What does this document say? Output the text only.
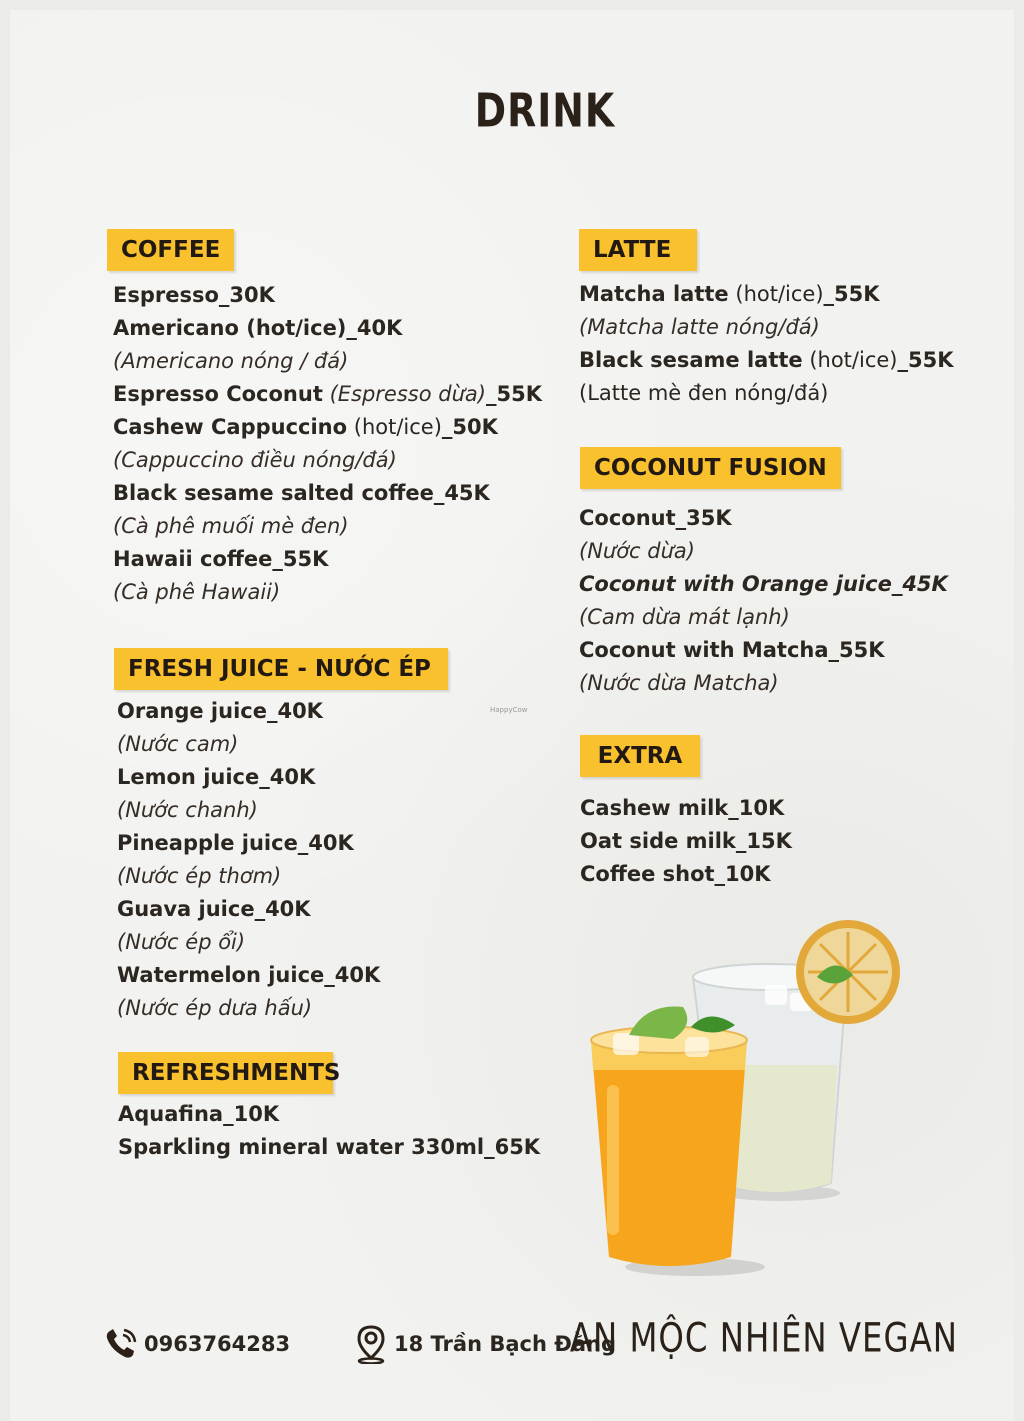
DRINK
COFFEE
Espresso_30K
Americano (hot/ice)_40K
(Americano nóng / đá)
Espresso Coconut (Espresso dừa)_55K
Cashew Cappuccino (hot/ice)_50K
(Cappuccino điều nóng/đá)
Black sesame salted coffee_45K
(Cà phê muối mè đen)
Hawaii coffee_55K
(Cà phê Hawaii)
LATTE
Matcha latte (hot/ice)_55K
(Matcha latte nóng/đá)
Black sesame latte (hot/ice)_55K
(Latte mè đen nóng/đá)
COCONUT FUSION
Coconut_35K
(Nước dừa)
Coconut with Orange juice_45K
(Cam dừa mát lạnh)
Coconut with Matcha_55K
(Nước dừa Matcha)
EXTRA
Cashew milk_10K
Oat side milk_15K
Coffee shot_10K
FRESH JUICE - NƯỚC ÉP
Orange juice_40K
(Nước cam)
Lemon juice_40K
(Nước chanh)
Pineapple juice_40K
(Nước ép thơm)
Guava juice_40K
(Nước ép ổi)
Watermelon juice_40K
(Nước ép dưa hấu)
REFRESHMENTS
Aquafina_10K
Sparkling mineral water 330ml_65K
HappyCow
0963764283	18 Trần Bạch Đằng
AN MỘC NHIÊN VEGAN
